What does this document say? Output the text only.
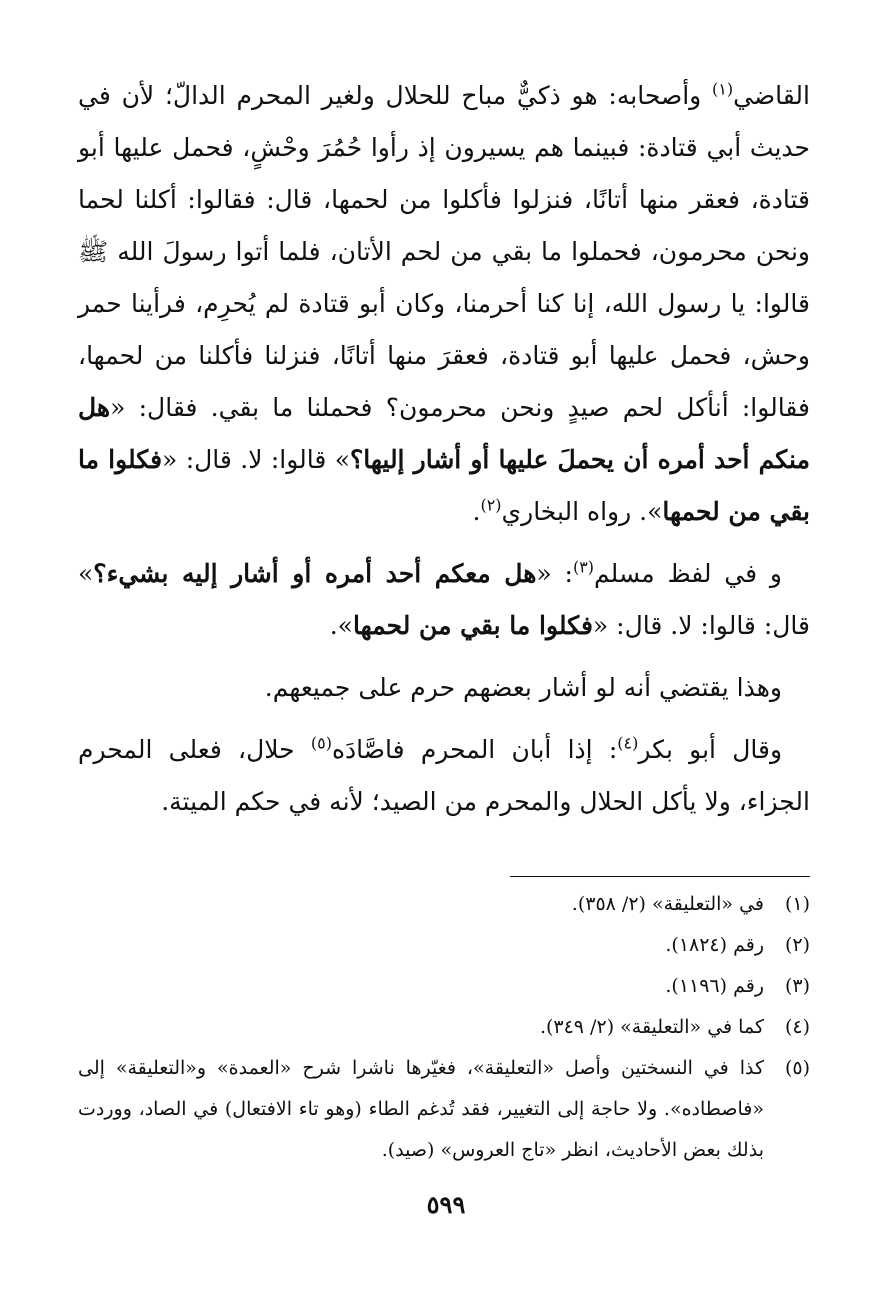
القاضي$^{(١)}$ وأصحابه: هو ذكيٌّ مباح للحلال ولغير المحرم الدالّ؛ لأن في حديث أبي قتادة: فبينما هم يسيرون إذ رأوا حُمُرَ وحْشٍ، فحمل عليها أبو قتادة، فعقر منها أتانًا، فنزلوا فأكلوا من لحمها، قال: فقالوا: أكلنا لحما ونحن محرمون، فحملوا ما بقي من لحم الأتان، فلما أتوا رسولَ الله ﷺ قالوا: يا رسول الله، إنا كنا أحرمنا، وكان أبو قتادة لم يُحرِم، فرأينا حمر وحش، فحمل عليها أبو قتادة، فعقرَ منها أتانًا، فنزلنا فأكلنا من لحمها، فقالوا: أنأكل لحم صيدٍ ونحن محرمون؟ فحملنا ما بقي. فقال: «هل منكم أحد أمره أن يحملَ عليها أو أشار إليها؟» قالوا: لا. قال: «فكلوا ما بقي من لحمها». رواه البخاري$^{(٢)}$.

و في لفظ مسلم$^{(٣)}$: «هل معكم أحد أمره أو أشار إليه بشيء؟» قال: قالوا: لا. قال: «فكلوا ما بقي من لحمها».

وهذا يقتضي أنه لو أشار بعضهم حرم على جميعهم.

وقال أبو بكر$^{(٤)}$: إذا أبان المحرم فاصَّادَه$^{(٥)}$ حلال، فعلى المحرم الجزاء، ولا يأكل الحلال والمحرم من الصيد؛ لأنه في حكم الميتة.

(١)
في «التعليقة» (٢/ ٣٥٨).
(٢)
رقم (١٨٢٤).
(٣)
رقم (١١٩٦).
(٤)
كما في «التعليقة» (٢/ ٣٤٩).
(٥)
كذا في النسختين وأصل «التعليقة»، فغيّرها ناشرا شرح «العمدة» و«التعليقة» إلى «فاصطاده». ولا حاجة إلى التغيير، فقد تُدغم الطاء (وهو تاء الافتعال) في الصاد، ووردت بذلك بعض الأحاديث، انظر «تاج العروس» (صيد).
٥٩٩
